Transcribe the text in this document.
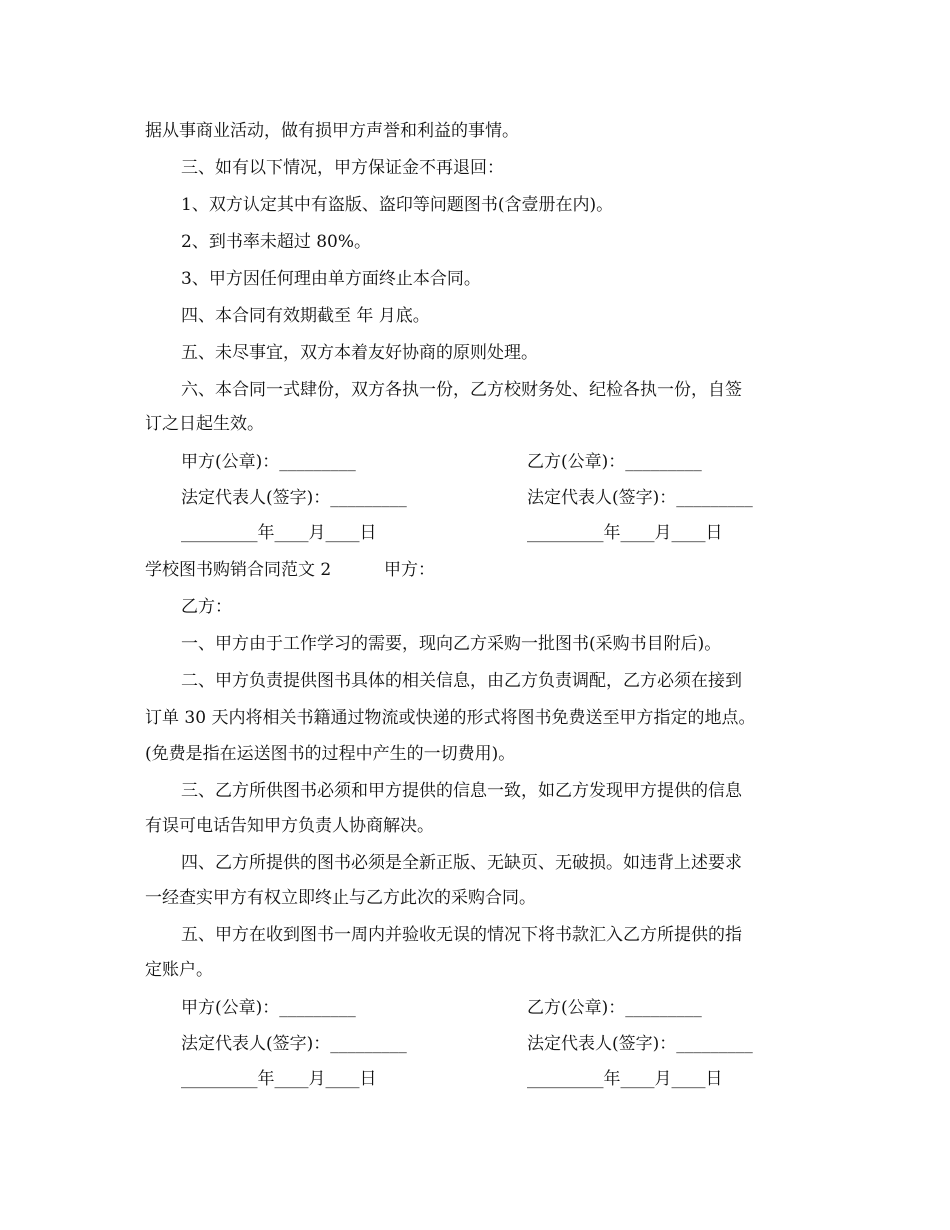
据从事商业活动，做有损甲方声誉和利益的事情。
三、如有以下情况，甲方保证金不再退回：
1、双方认定其中有盗版、盗印等问题图书(含壹册在内)。
2、到书率未超过 80%。
3、甲方因任何理由单方面终止本合同。
四、本合同有效期截至 年 月底。
五、未尽事宜，双方本着友好协商的原则处理。
六、本合同一式肆份，双方各执一份，乙方校财务处、纪检各执一份，自签
订之日起生效。
甲方(公章)：_________	乙方(公章)：_________
法定代表人(签字)：_________	法定代表人(签字)：_________
_________年____月____日	_________年____月____日
学校图书购销合同范文 2	甲方：
乙方：
一、甲方由于工作学习的需要，现向乙方采购一批图书(采购书目附后)。
二、甲方负责提供图书具体的相关信息，由乙方负责调配，乙方必须在接到
订单 30 天内将相关书籍通过物流或快递的形式将图书免费送至甲方指定的地点。
(免费是指在运送图书的过程中产生的一切费用)。
三、乙方所供图书必须和甲方提供的信息一致，如乙方发现甲方提供的信息
有误可电话告知甲方负责人协商解决。
四、乙方所提供的图书必须是全新正版、无缺页、无破损。如违背上述要求
一经查实甲方有权立即终止与乙方此次的采购合同。
五、甲方在收到图书一周内并验收无误的情况下将书款汇入乙方所提供的指
定账户。
甲方(公章)：_________	乙方(公章)：_________
法定代表人(签字)：_________	法定代表人(签字)：_________
_________年____月____日	_________年____月____日
